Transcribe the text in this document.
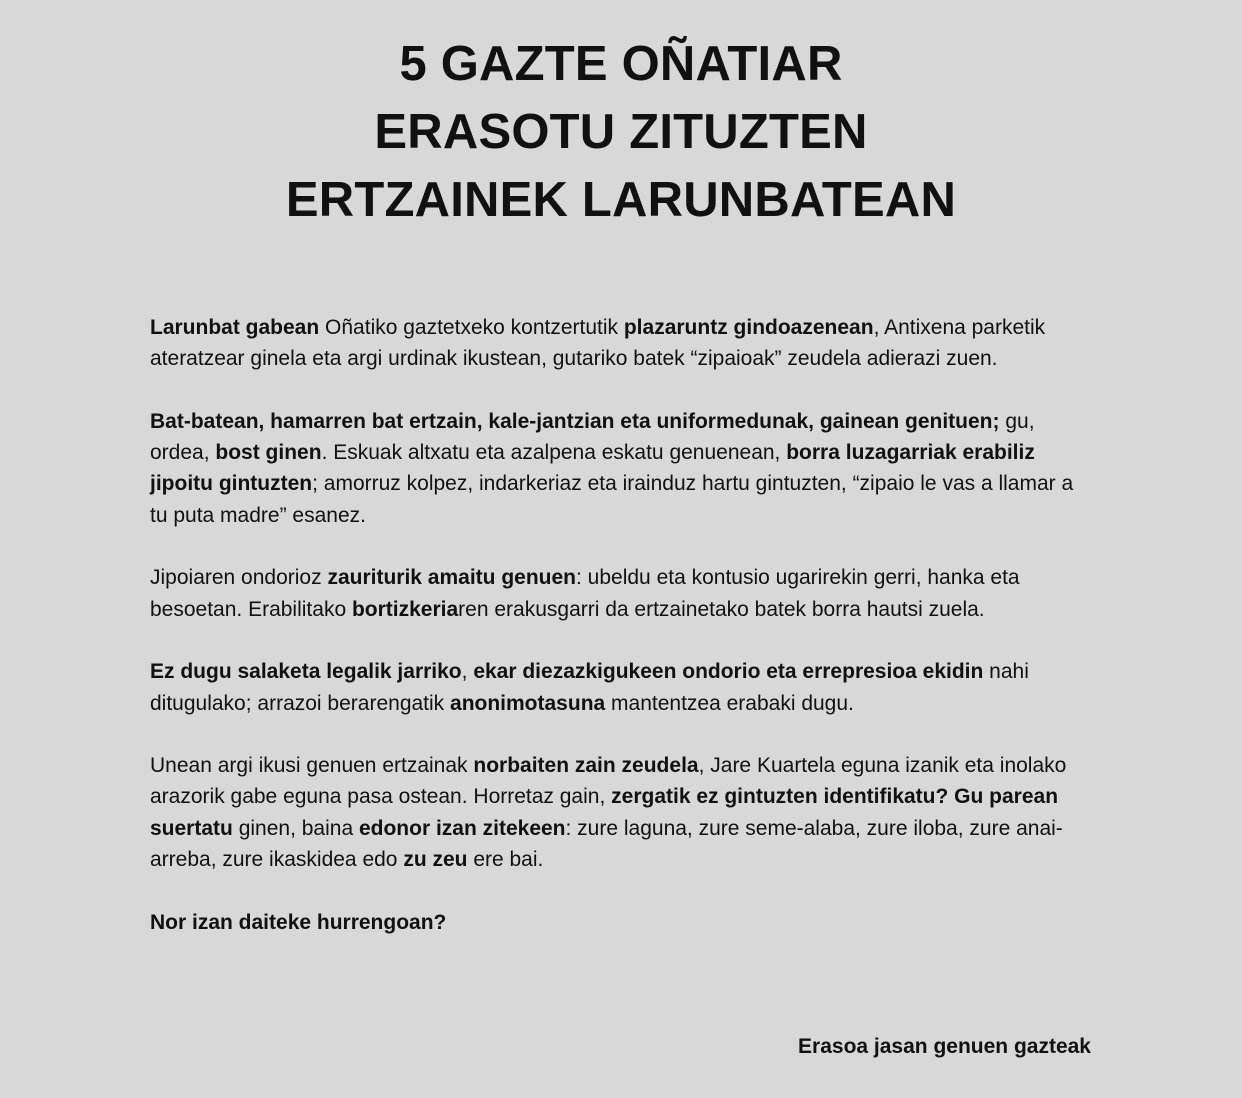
5 GAZTE OÑATIAR
ERASOTU ZITUZTEN
ERTZAINEK LARUNBATEAN

Larunbat gabean Oñatiko gaztetxeko kontzertutik plazaruntz gindoazenean, Antixena parketik ateratzear ginela eta argi urdinak ikustean, gutariko batek “zipaioak” zeudela adierazi zuen.

Bat-batean, hamarren bat ertzain, kale-jantzian eta uniformedunak, gainean genituen; gu, ordea, bost ginen. Eskuak altxatu eta azalpena eskatu genuenean, borra luzagarriak erabiliz jipoitu gintuzten; amorruz kolpez, indarkeriaz eta irainduz hartu gintuzten, “zipaio le vas a llamar a tu puta madre” esanez.

Jipoiaren ondorioz zauriturik amaitu genuen: ubeldu eta kontusio ugarirekin gerri, hanka eta besoetan. Erabilitako bortizkeriaren erakusgarri da ertzainetako batek borra hautsi zuela.

Ez dugu salaketa legalik jarriko, ekar diezazkigukeen ondorio eta errepresioa ekidin nahi ditugulako; arrazoi berarengatik anonimotasuna mantentzea erabaki dugu.

Unean argi ikusi genuen ertzainak norbaiten zain zeudela, Jare Kuartela eguna izanik eta inolako arazorik gabe eguna pasa ostean. Horretaz gain, zergatik ez gintuzten identifikatu? Gu parean suertatu ginen, baina edonor izan zitekeen: zure laguna, zure seme-alaba, zure iloba, zure anai-arreba, zure ikaskidea edo zu zeu ere bai.

Nor izan daiteke hurrengoan?

Erasoa jasan genuen gazteak
